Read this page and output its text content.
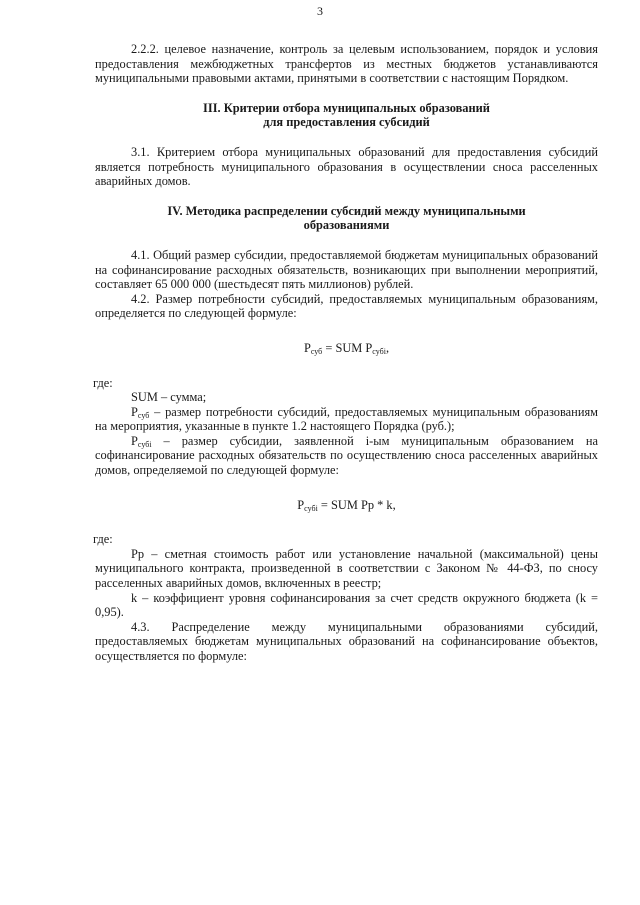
3

2.2.2. целевое назначение, контроль за целевым использованием, порядок и условия предоставления межбюджетных трансфертов из местных бюджетов устанавливаются муниципальными правовыми актами, принятыми в соответствии с настоящим Порядком.

III. Критерии отбора муниципальных образований
для предоставления субсидий

3.1. Критерием отбора муниципальных образований для предоставления субсидий является потребность муниципального образования в осуществлении сноса расселенных аварийных домов.

IV. Методика распределении субсидий между муниципальными
образованиями

4.1. Общий размер субсидии, предоставляемой бюджетам муниципальных образований на софинансирование расходных обязательств, возникающих при выполнении мероприятий, составляет 65 000 000 (шестьдесят пять миллионов) рублей.

4.2. Размер потребности субсидий, предоставляемых муниципальным образованиям, определяется по следующей формуле:

$Р_{суб}$ = SUM $Р_{субi}$,

где:

SUM – сумма;

$Р_{суб}$ – размер потребности субсидий, предоставляемых муниципальным образованиям на мероприятия, указанные в пункте 1.2 настоящего Порядка (руб.);

$Р_{субi}$ – размер субсидии, заявленной i-ым муниципальным образованием на софинансирование расходных обязательств по осуществлению сноса расселенных аварийных домов, определяемой по следующей формуле:

$Р_{субi}$ = SUM Рр * k,

где:

Рр – сметная стоимость работ или установление начальной (максимальной) цены муниципального контракта, произведенной в соответствии с Законом № 44-ФЗ, по сносу расселенных аварийных домов, включенных в реестр;

k – коэффициент уровня софинансирования за счет средств окружного бюджета (k = 0,95).

4.3. Распределение между муниципальными образованиями субсидий, предоставляемых бюджетам муниципальных образований на софинансирование объектов, осуществляется по формуле:
